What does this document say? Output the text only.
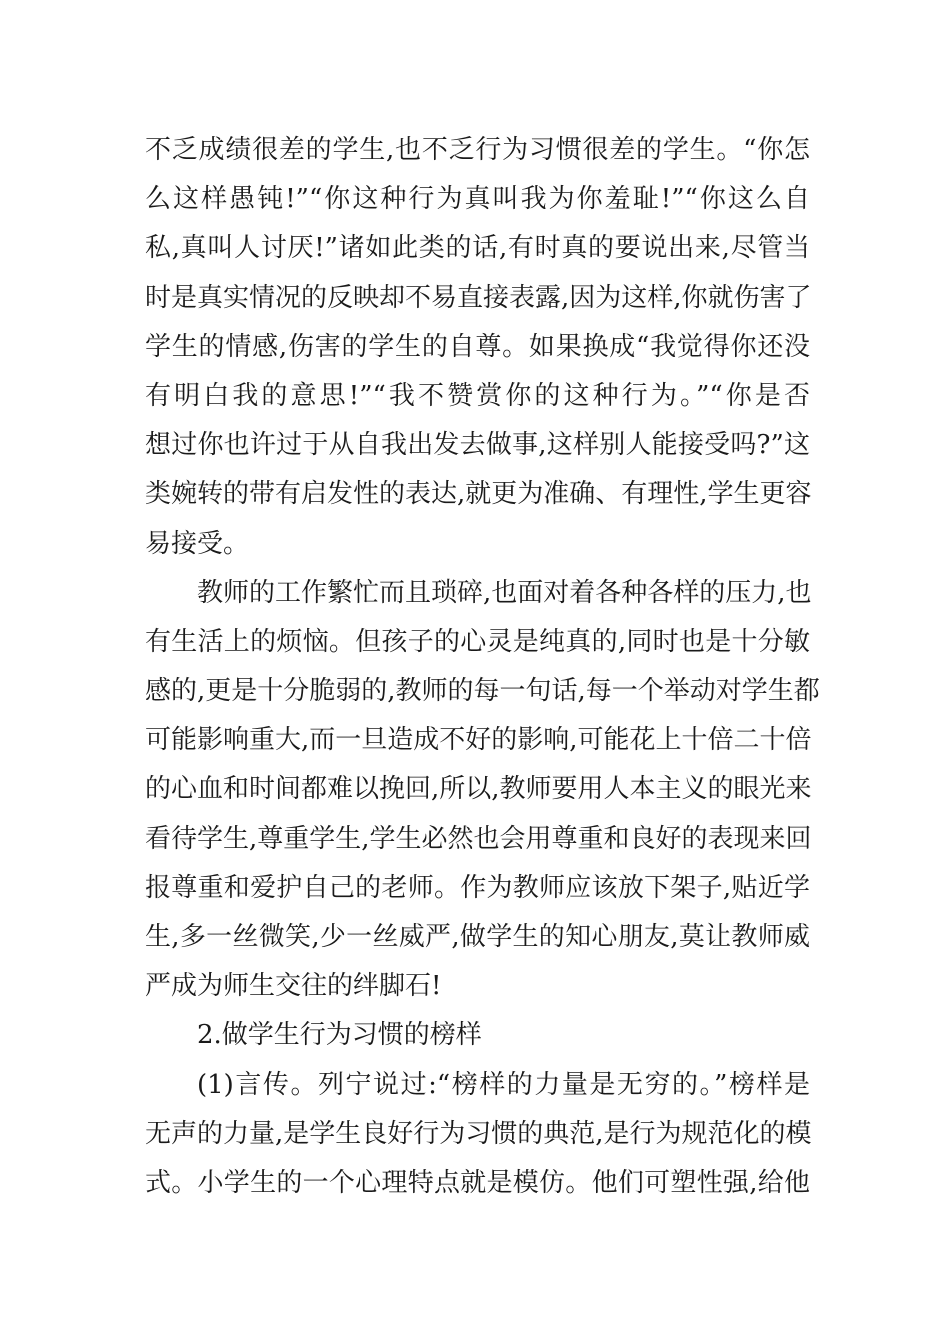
不乏成绩很差的学生,也不乏行为习惯很差的学生。“你怎
么这样愚钝!”“你这种行为真叫我为你羞耻!”“你这么自
私,真叫人讨厌!”诸如此类的话,有时真的要说出来,尽管当
时是真实情况的反映却不易直接表露,因为这样,你就伤害了
学生的情感,伤害的学生的自尊。如果换成“我觉得你还没
有明白我的意思!”“我不赞赏你的这种行为。”“你是否
想过你也许过于从自我出发去做事,这样别人能接受吗?”这
类婉转的带有启发性的表达,就更为准确、有理性,学生更容
易接受。
教师的工作繁忙而且琐碎,也面对着各种各样的压力,也
有生活上的烦恼。但孩子的心灵是纯真的,同时也是十分敏
感的,更是十分脆弱的,教师的每一句话,每一个举动对学生都
可能影响重大,而一旦造成不好的影响,可能花上十倍二十倍
的心血和时间都难以挽回,所以,教师要用人本主义的眼光来
看待学生,尊重学生,学生必然也会用尊重和良好的表现来回
报尊重和爱护自己的老师。作为教师应该放下架子,贴近学
生,多一丝微笑,少一丝威严,做学生的知心朋友,莫让教师威
严成为师生交往的绊脚石!
2.做学生行为习惯的榜样
(1)言传。列宁说过:“榜样的力量是无穷的。”榜样是
无声的力量,是学生良好行为习惯的典范,是行为规范化的模
式。小学生的一个心理特点就是模仿。他们可塑性强,给他
